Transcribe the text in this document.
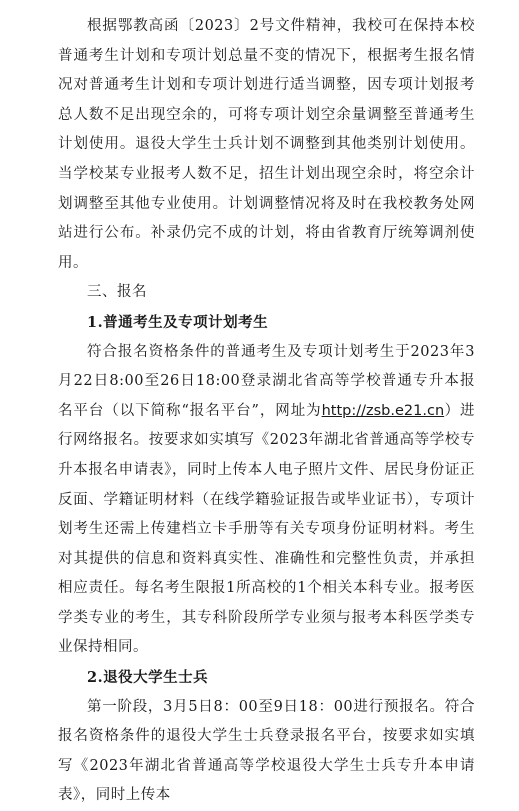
根据鄂教高函〔2023〕2号文件精神，我校可在保持本校普通考生计划和专项计划总量不变的情况下，根据考生报名情况对普通考生计划和专项计划进行适当调整，因专项计划报考总人数不足出现空余的，可将专项计划空余量调整至普通考生计划使用。退役大学生士兵计划不调整到其他类别计划使用。当学校某专业报考人数不足，招生计划出现空余时，将空余计划调整至其他专业使用。计划调整情况将及时在我校教务处网站进行公布。补录仍完不成的计划，将由省教育厅统筹调剂使用。

三、报名

1.普通考生及专项计划考生

符合报名资格条件的普通考生及专项计划考生于2023年3月22日8:00至26日18:00登录湖北省高等学校普通专升本报名平台（以下简称“报名平台”，网址为http://zsb.e21.cn）进行网络报名。按要求如实填写《2023年湖北省普通高等学校专升本报名申请表》，同时上传本人电子照片文件、居民身份证正反面、学籍证明材料（在线学籍验证报告或毕业证书），专项计划考生还需上传建档立卡手册等有关专项身份证明材料。考生对其提供的信息和资料真实性、准确性和完整性负责，并承担相应责任。每名考生限报1所高校的1个相关本科专业。报考医学类专业的考生，其专科阶段所学专业须与报考本科医学类专业保持相同。

2.退役大学生士兵

第一阶段，3月5日8：00至9日18：00进行预报名。符合报名资格条件的退役大学生士兵登录报名平台，按要求如实填写《2023年湖北省普通高等学校退役大学生士兵专升本申请表》，同时上传本
